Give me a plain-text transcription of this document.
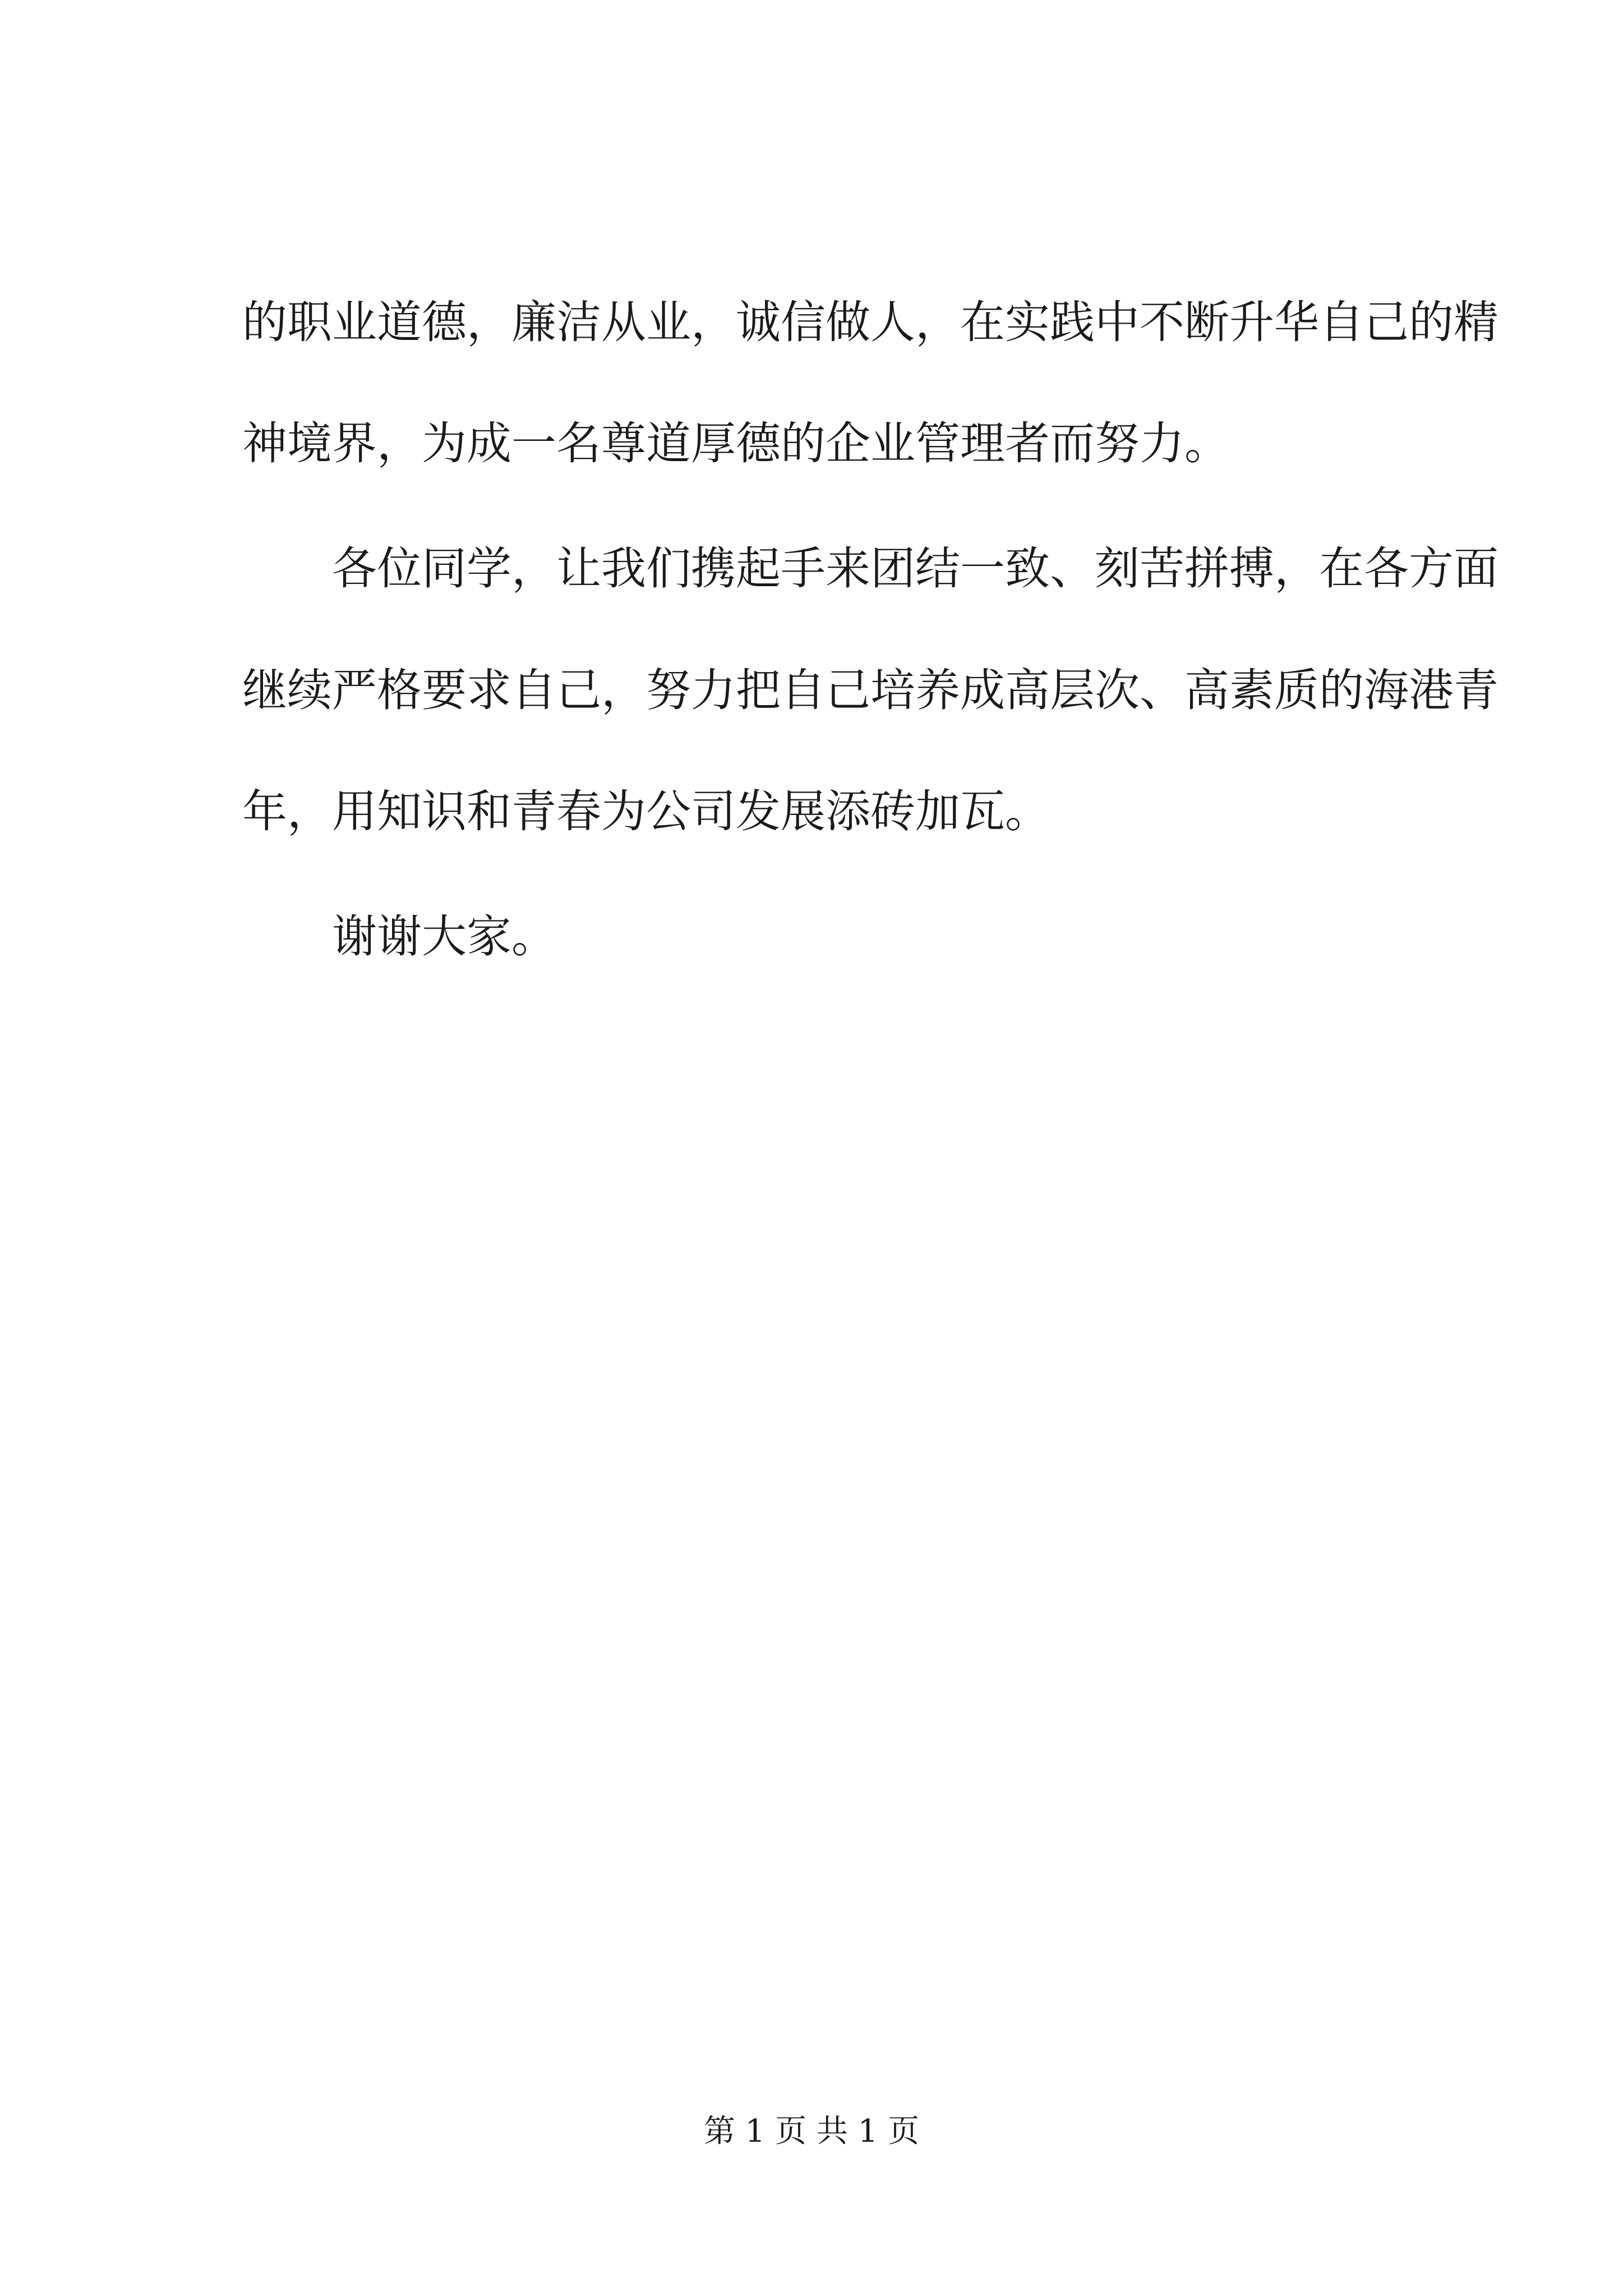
的职业道德，廉洁从业，诚信做人，在实践中不断升华自己的精
神境界，为成一名尊道厚德的企业管理者而努力。
各位同学，让我们携起手来团结一致、刻苦拼搏，在各方面
继续严格要求自己，努力把自己培养成高层次、高素质的海港青
年，用知识和青春为公司发展添砖加瓦。
谢谢大家。
第 1 页 共 1 页
